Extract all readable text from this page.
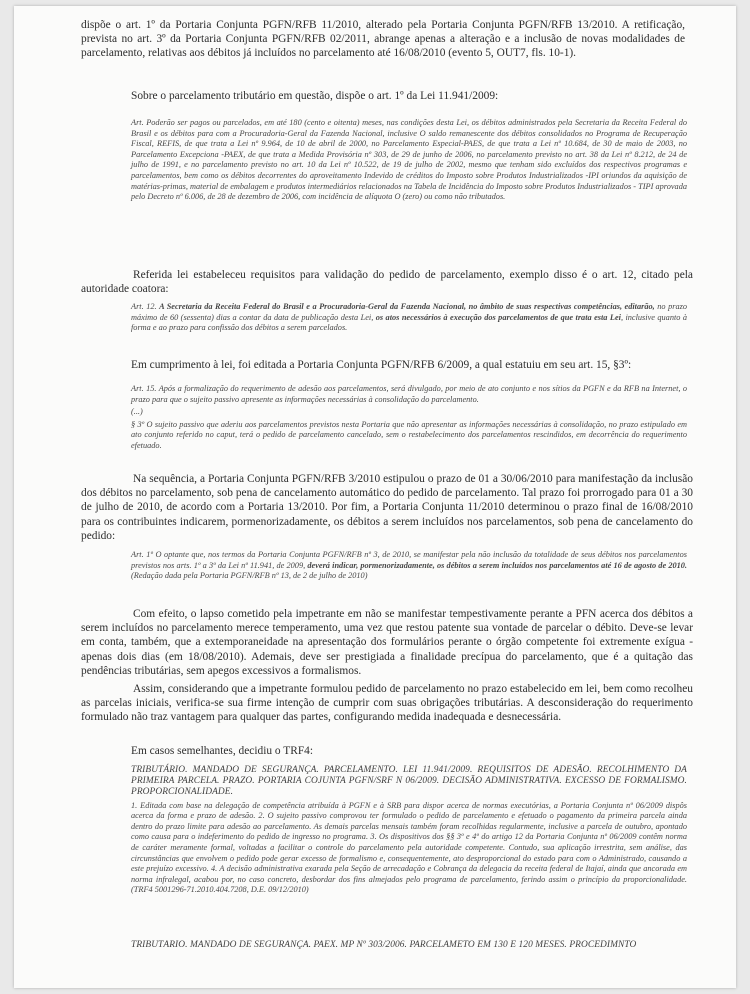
dispõe o art. 1º da Portaria Conjunta PGFN/RFB 11/2010, alterado pela Portaria Conjunta PGFN/RFB 13/2010. A retificação, prevista no art. 3º da Portaria Conjunta PGFN/RFB 02/2011, abrange apenas a alteração e a inclusão de novas modalidades de parcelamento, relativas aos débitos já incluídos no parcelamento até 16/08/2010 (evento 5, OUT7, fls. 10-1).

Sobre o parcelamento tributário em questão, dispõe o art. 1º da Lei 11.941/2009:

Art. Poderão ser pagos ou parcelados, em até 180 (cento e oitenta) meses, nas condições desta Lei, os débitos administrados pela Secretaria da Receita Federal do Brasil e os débitos para com a Procuradoria-Geral da Fazenda Nacional, inclusive O saldo remanescente dos débitos consolidados no Programa de Recuperação Fiscal, REFIS, de que trata a Lei nº 9.964, de 10 de abril de 2000, no Parcelamento Especial-PAES, de que trata a Lei nº 10.684, de 30 de maio de 2003, no Parcelamento Excepciona -PAEX, de que trata a Medida Provisória nº 303, de 29 de junho de 2006, no parcelamento previsto no art. 38 da Lei nº 8.212, de 24 de julho de 1991, e no parcelamento previsto no art. 10 da Lei nº 10.522, de 19 de julho de 2002, mesmo que tenham sido excluídos dos respectivos programas e parcelamentos, bem como os débitos decorrentes do aproveitamento Indevido de créditos do Imposto sobre Produtos Industrializados -IPI oriundos da aquisição de matérias-primas, material de embalagem e produtos intermediários relacionados na Tabela de Incidência do Imposto sobre Produtos Industrializados - TIPI aprovada pelo Decreto nº 6.006, de 28 de dezembro de 2006, com incidência de alíquota O (zero) ou como não tributados.

Referida lei estabeleceu requisitos para validação do pedido de parcelamento, exemplo disso é o art. 12, citado pela autoridade coatora:

Art. 12. A Secretaria da Receita Federal do Brasil e a Procuradoria-Geral da Fazenda Nacional, no âmbito de suas respectivas competências, editarão, no prazo máximo de 60 (sessenta) dias a contar da data de publicação desta Lei, os atos necessários à execução dos parcelamentos de que trata esta Lei, inclusive quanto à forma e ao prazo para confissão dos débitos a serem parcelados.

Em cumprimento à lei, foi editada a Portaria Conjunta PGFN/RFB 6/2009, a qual estatuiu em seu art. 15, §3º:

Art. 15. Após a formalização do requerimento de adesão aos parcelamentos, será divulgado, por meio de ato conjunto e nos sítios da PGFN e da RFB na Internet, o prazo para que o sujeito passivo apresente as informações necessárias à consolidação do parcelamento.

(...)

§ 3º O sujeito passivo que aderiu aos parcelamentos previstos nesta Portaria que não apresentar as informações necessárias à consolidação, no prazo estipulado em ato conjunto referido no caput, terá o pedido de parcelamento cancelado, sem o restabelecimento dos parcelamentos rescindidos, em decorrência do requerimento efetuado.

Na sequência, a Portaria Conjunta PGFN/RFB 3/2010 estipulou o prazo de 01 a 30/06/2010 para manifestação da inclusão dos débitos no parcelamento, sob pena de cancelamento automático do pedido de parcelamento. Tal prazo foi prorrogado para 01 a 30 de julho de 2010, de acordo com a Portaria 13/2010. Por fim, a Portaria Conjunta 11/2010 determinou o prazo final de 16/08/2010 para os contribuintes indicarem, pormenorizadamente, os débitos a serem incluídos nos parcelamentos, sob pena de cancelamento do pedido:

Art. 1º O optante que, nos termos da Portaria Conjunta PGFN/RFB nº 3, de 2010, se manifestar pela não inclusão da totalidade de seus débitos nos parcelamentos previstos nos arts. 1º a 3º da Lei nº 11.941, de 2009, deverá indicar, pormenorizadamente, os débitos a serem incluídos nos parcelamentos até 16 de agosto de 2010. (Redação dada pela Portaria PGFN/RFB nº 13, de 2 de julho de 2010)

Com efeito, o lapso cometido pela impetrante em não se manifestar tempestivamente perante a PFN acerca dos débitos a serem incluídos no parcelamento merece temperamento, uma vez que restou patente sua vontade de parcelar o débito. Deve-se levar em conta, também, que a extemporaneidade na apresentação dos formulários perante o órgão competente foi extremente exígua - apenas dois dias (em 18/08/2010). Ademais, deve ser prestigiada a finalidade precípua do parcelamento, que é a quitação das pendências tributárias, sem apegos excessivos a formalismos.

Assim, considerando que a impetrante formulou pedido de parcelamento no prazo estabelecido em lei, bem como recolheu as parcelas iniciais, verifica-se sua firme intenção de cumprir com suas obrigações tributárias. A desconsideração do requerimento formulado não traz vantagem para qualquer das partes, configurando medida inadequada e desnecessária.

Em casos semelhantes, decidiu o TRF4:

TRIBUTÁRIO. MANDADO DE SEGURANÇA. PARCELAMENTO. LEI 11.941/2009. REQUISITOS DE ADESÃO. RECOLHIMENTO DA PRIMEIRA PARCELA. PRAZO. PORTARIA COJUNTA PGFN/SRF N 06/2009. DECISÃO ADMINISTRATIVA. EXCESSO DE FORMALISMO. PROPORCIONALIDADE.
1. Editada com base na delegação de competência atribuída à PGFN e à SRB para dispor acerca de normas executórias, a Portaria Conjunta nº 06/2009 dispôs acerca da forma e prazo de adesão. 2. O sujeito passivo comprovou ter formulado o pedido de parcelamento e efetuado o pagamento da primeira parcela ainda dentro do prazo limite para adesão ao parcelamento. As demais parcelas mensais também foram recolhidas regularmente, inclusive a parcela de outubro, apontado como causa para o indeferimento do pedido de ingresso no programa. 3. Os dispositivos dos §§ 3º e 4º do artigo 12 da Portaria Conjunta nº 06/2009 contêm norma de caráter meramente formal, voltadas a facilitar o controle do parcelamento pela autoridade competente. Contudo, sua aplicação irrestrita, sem análise, das circunstâncias que envolvem o pedido pode gerar excesso de formalismo e, consequentemente, ato desproporcional do estado para com o Administrado, causando a este prejuízo excessivo. 4. A decisão administrativa exarada pela Seção de arrecadação e Cobrança da delegacia da receita federal de Itajaí, ainda que ancorada em norma infralegal, acabou por, no caso concreto, desbordar dos fins almejados pelo programa de parcelamento, ferindo assim o princípio da proporcionalidade. (TRF4 5001296-71.2010.404.7208, D.E. 09/12/2010)
TRIBUTÁRIO. MANDADO DE SEGURANÇA. PAEX. MP Nº 303/2006. PARCELAMETO EM 130 E 120 MESES. PROCEDIMNTO
